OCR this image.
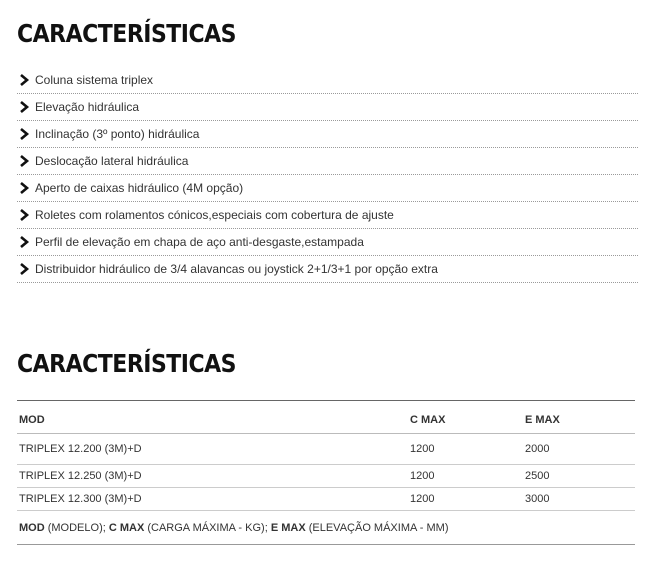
CARACTERÍSTICAS
Coluna sistema triplex
Elevação hidráulica
Inclinação (3º ponto) hidráulica
Deslocação lateral hidráulica
Aperto de caixas hidráulico (4M opção)
Roletes com rolamentos cónicos,especiais com cobertura de ajuste
Perfil de elevação em chapa de aço anti-desgaste,estampada
Distribuidor hidráulico de 3/4 alavancas ou joystick 2+1/3+1 por opção extra
CARACTERÍSTICAS
MOD	C MAX	E MAX
TRIPLEX 12.200 (3M)+D	1200	2000
TRIPLEX 12.250 (3M)+D	1200	2500
TRIPLEX 12.300 (3M)+D	1200	3000
MOD (MODELO); C MAX (CARGA MÁXIMA - KG); E MAX (ELEVAÇÃO MÁXIMA - MM)		
